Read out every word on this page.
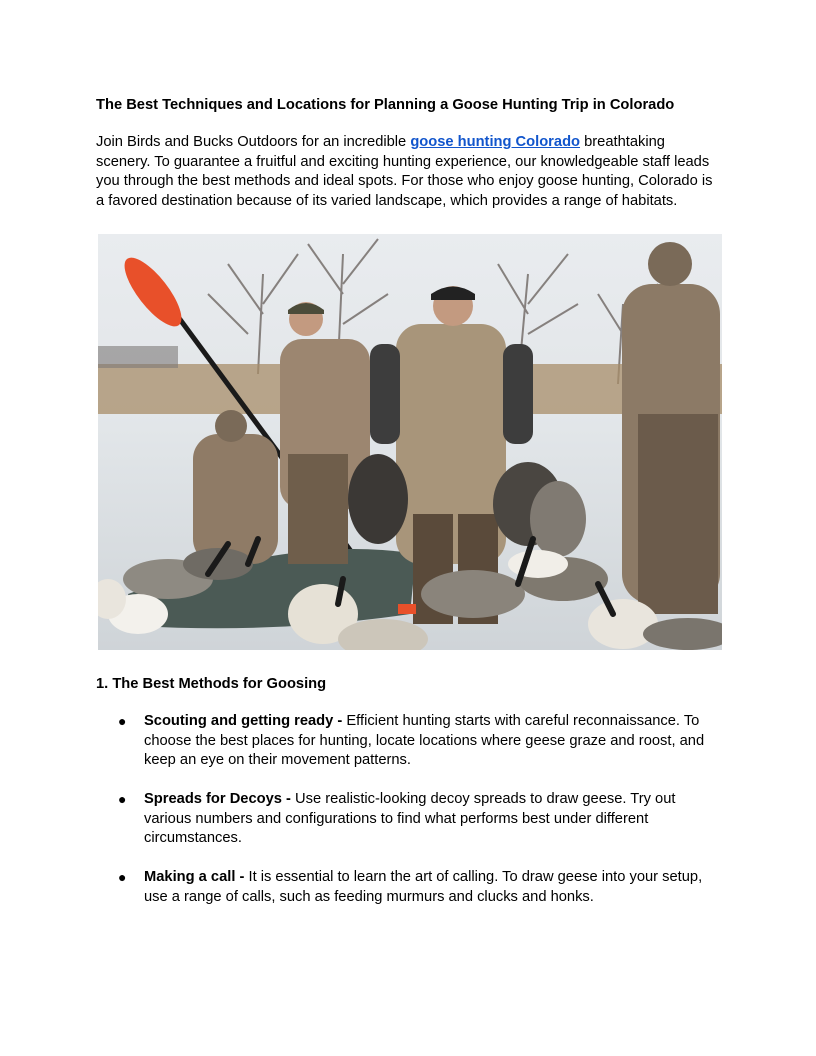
The Best Techniques and Locations for Planning a Goose Hunting Trip in Colorado

Join Birds and Bucks Outdoors for an incredible goose hunting Colorado breathtaking scenery. To guarantee a fruitful and exciting hunting experience, our knowledgeable staff leads you through the best methods and ideal spots. For those who enjoy goose hunting, Colorado is a favored destination because of its varied landscape, which provides a range of habitats.

1. The Best Methods for Goosing

● Scouting and getting ready - Efficient hunting starts with careful reconnaissance. To choose the best places for hunting, locate locations where geese graze and roost, and keep an eye on their movement patterns.
● Spreads for Decoys - Use realistic-looking decoy spreads to draw geese. Try out various numbers and configurations to find what performs best under different circumstances.
● Making a call - It is essential to learn the art of calling. To draw geese into your setup, use a range of calls, such as feeding murmurs and clucks and honks.
